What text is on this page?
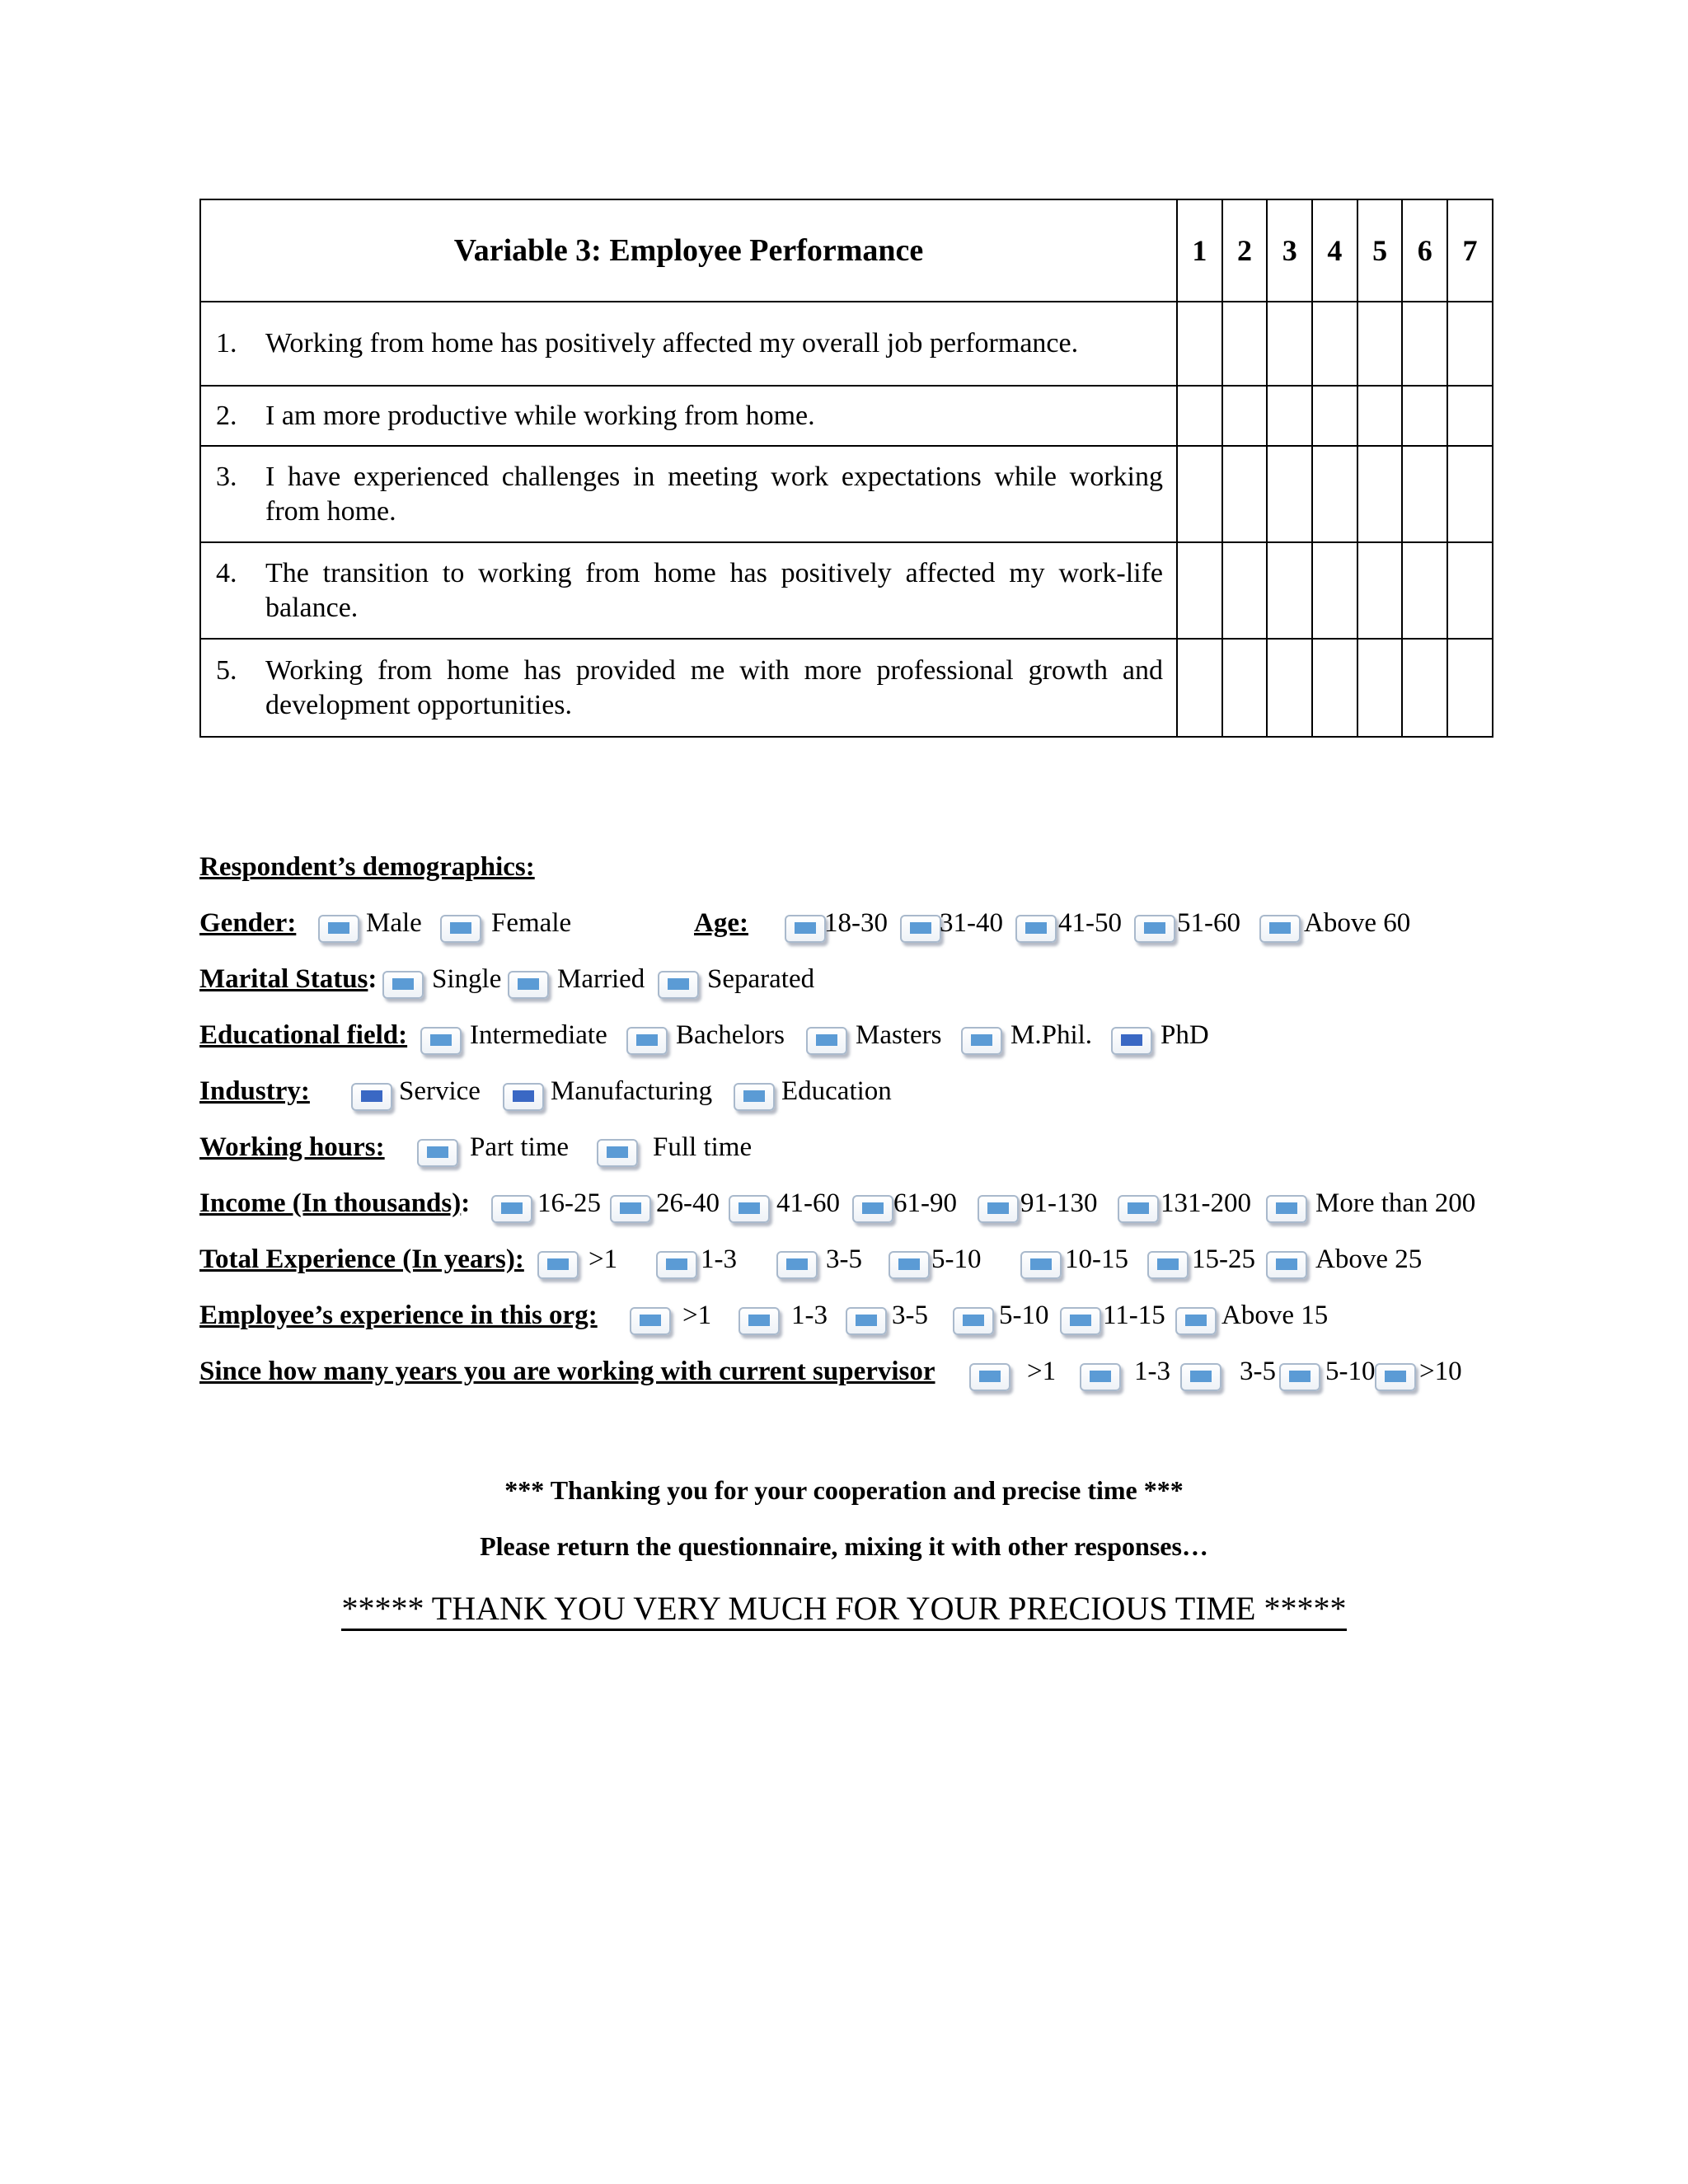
Variable 3: Employee Performance	1	2	3	4	5	6	7

1. Working from home has positively affected my overall job performance.							

2. I am more productive while working from home.							

3. I have experienced challenges in meeting work expectations while working from home.							

4. The transition to working from home has positively affected my work-life balance.							

5. Working from home has provided me with more professional growth and development opportunities.							

Respondent’s demographics:
Gender:	Male	Female	Age:	18-30 31-40 41-50 51-60 Above 60
Marital Status: Single Married Separated
Educational field: Intermediate	Bachelors	Masters	M.Phil.	PhD
Industry:	Service	Manufacturing	Education
Working hours:	Part time	Full time
Income (In thousands): 16-25 26-40 41-60 61-90 91-130 131-200 More than 200
Total Experience (In years): >1	1-3	3-5	5-10	10-15 15-25 Above 25
Employee’s experience in this org:	>1	1-3 3-5	5-10 11-15 Above 15
Since how many years you are working with current supervisor	>1	1-3	3-5 5-10 >10
*** Thanking you for your cooperation and precise time ***
Please return the questionnaire, mixing it with other responses…
***** THANK YOU VERY MUCH FOR YOUR PRECIOUS TIME *****
